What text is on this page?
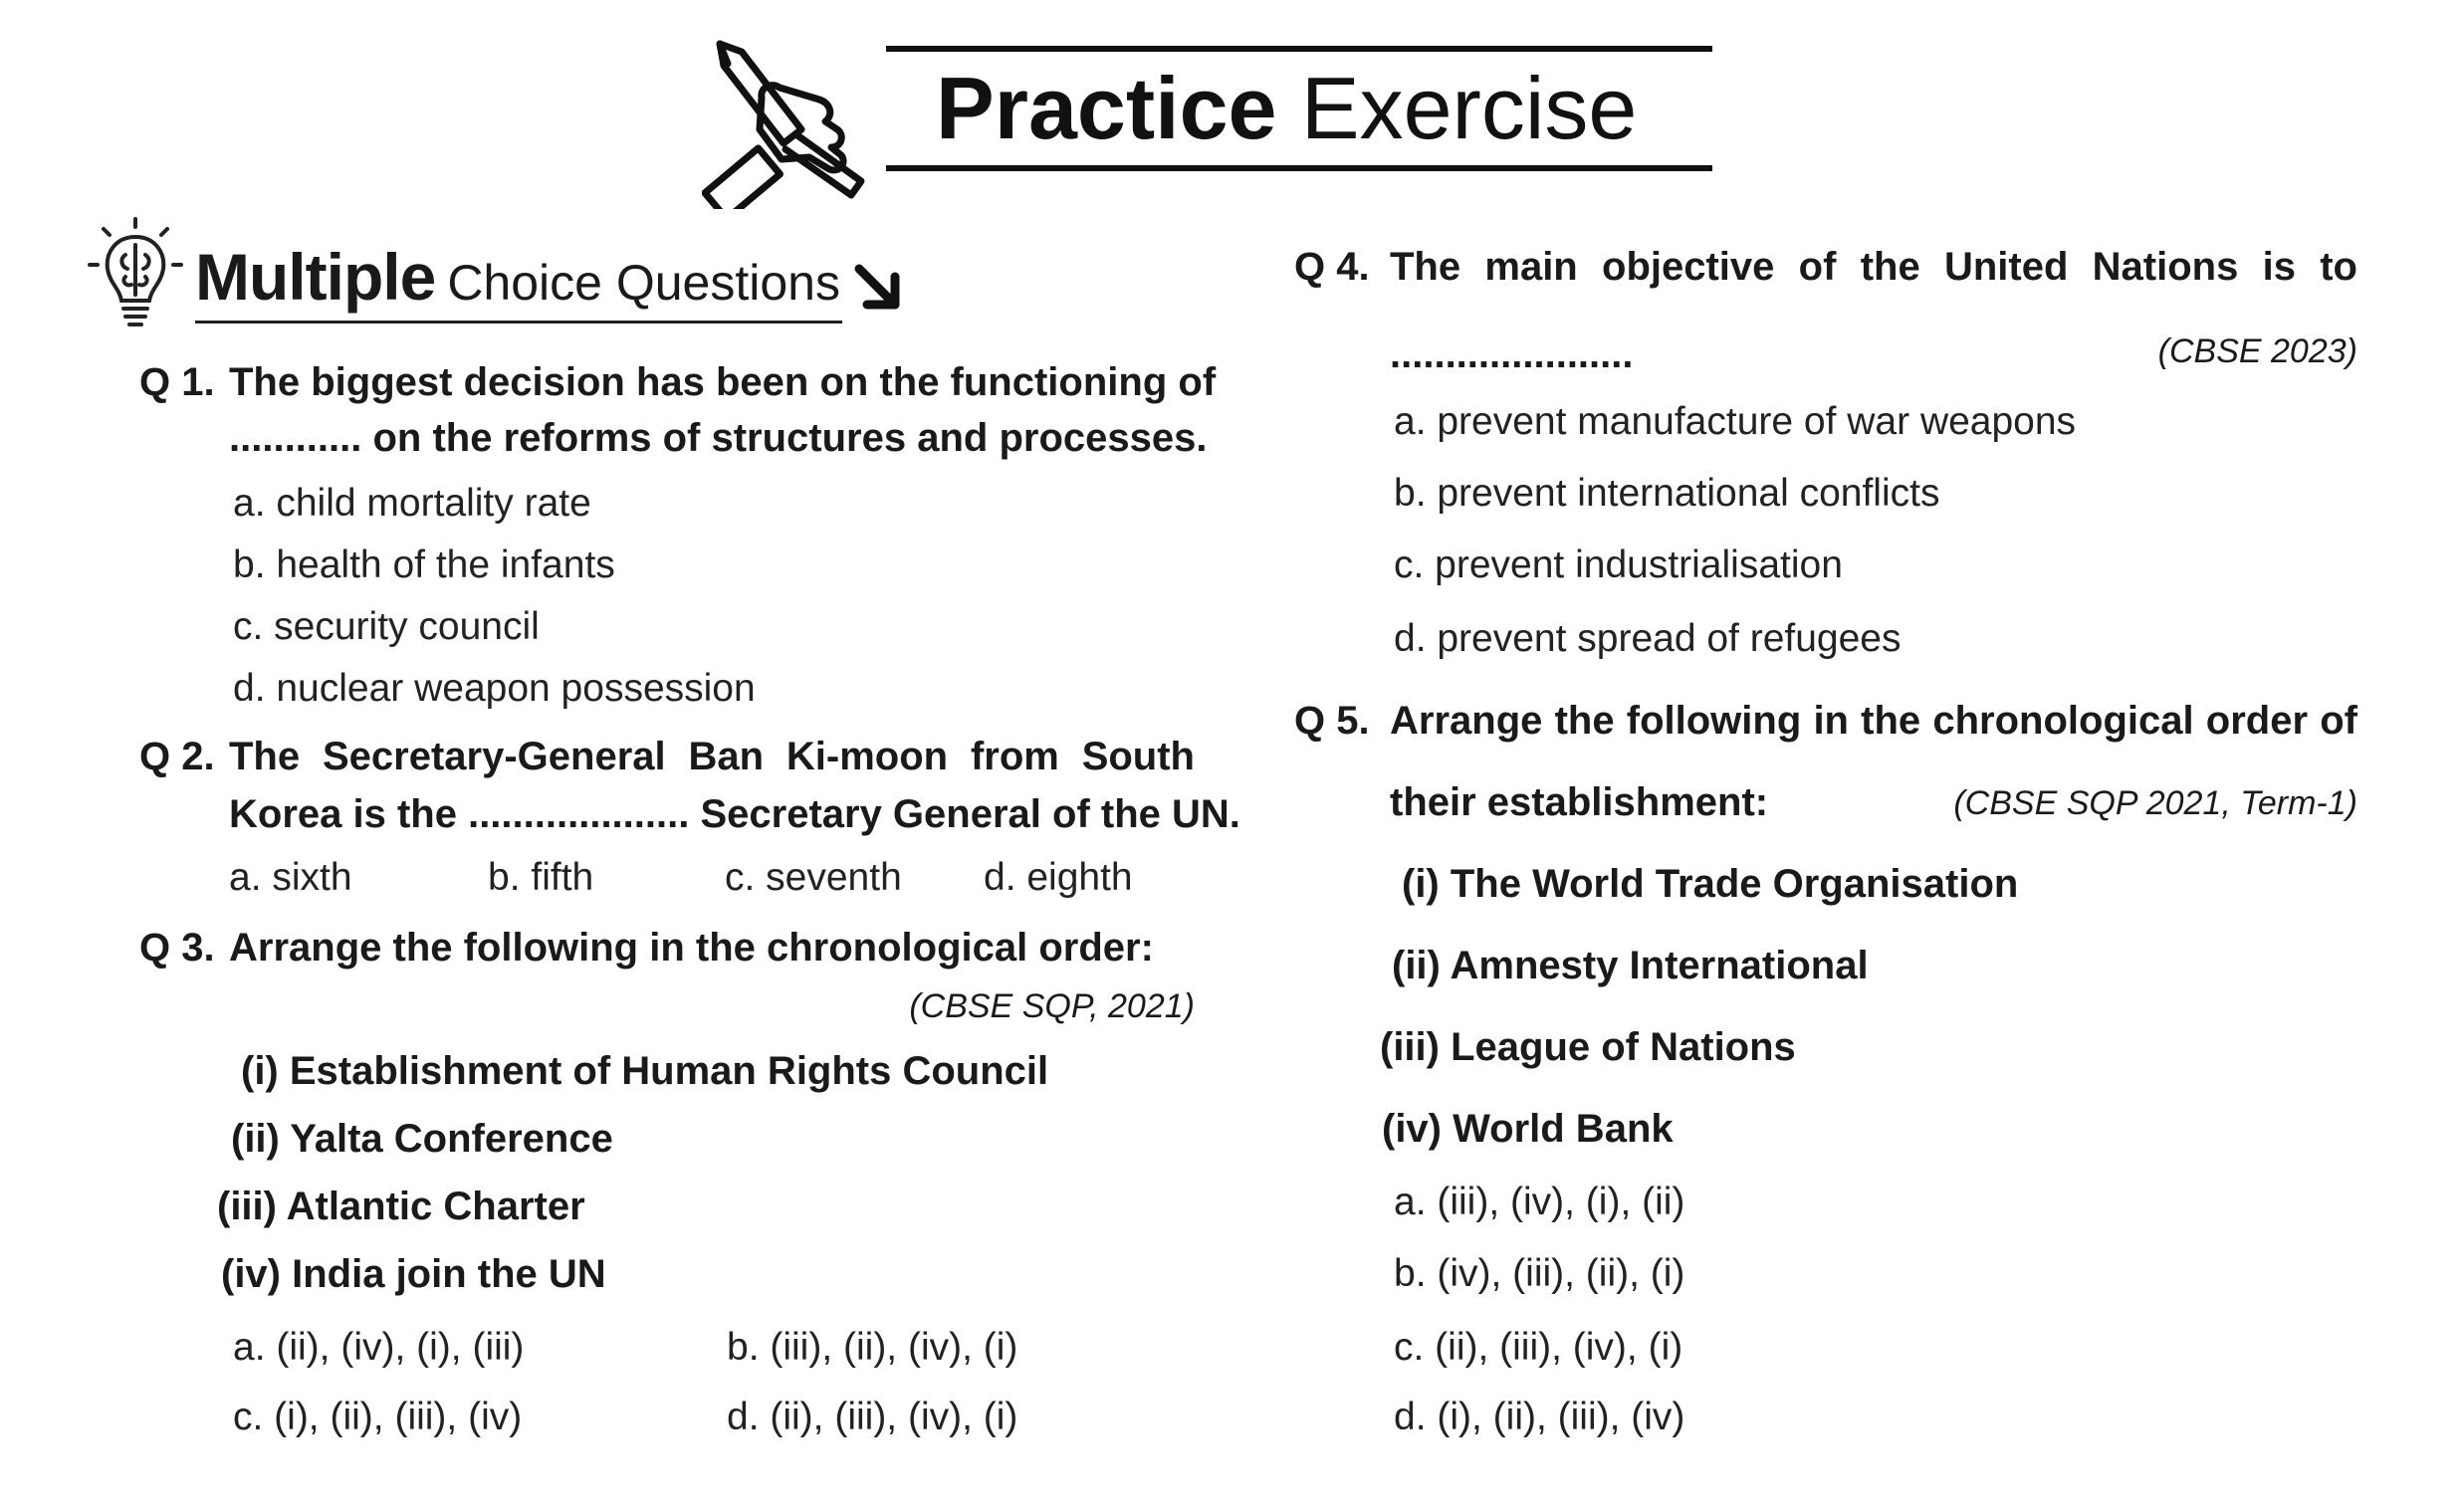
Practice Exercise
Multiple Choice Questions
Q 1. The biggest decision has been on the functioning of
............ on the reforms of structures and processes.
a. child mortality rate
b. health of the infants
c. security council
d. nuclear weapon possession
Q 2. The Secretary-General Ban Ki-moon from South
Korea is the .................... Secretary General of the UN.
a. sixth	b. fifth	c. seventh d. eighth
Q 3. Arrange the following in the chronological order:
(CBSE SQP, 2021)
(i) Establishment of Human Rights Council
(ii) Yalta Conference
(iii) Atlantic Charter
(iv) India join the UN
a. (ii), (iv), (i), (iii)	b. (iii), (ii), (iv), (i)
c. (i), (ii), (iii), (iv)	d. (ii), (iii), (iv), (i)
Q 4. The main objective of the United Nations is to
......................	(CBSE 2023)
a. prevent manufacture of war weapons
b. prevent international conflicts
c. prevent industrialisation
d. prevent spread of refugees
Q 5. Arrange the following in the chronological order of
their establishment:	(CBSE SQP 2021, Term-1)
(i) The World Trade Organisation
(ii) Amnesty International
(iii) League of Nations
(iv) World Bank
a. (iii), (iv), (i), (ii)
b. (iv), (iii), (ii), (i)
c. (ii), (iii), (iv), (i)
d. (i), (ii), (iii), (iv)
